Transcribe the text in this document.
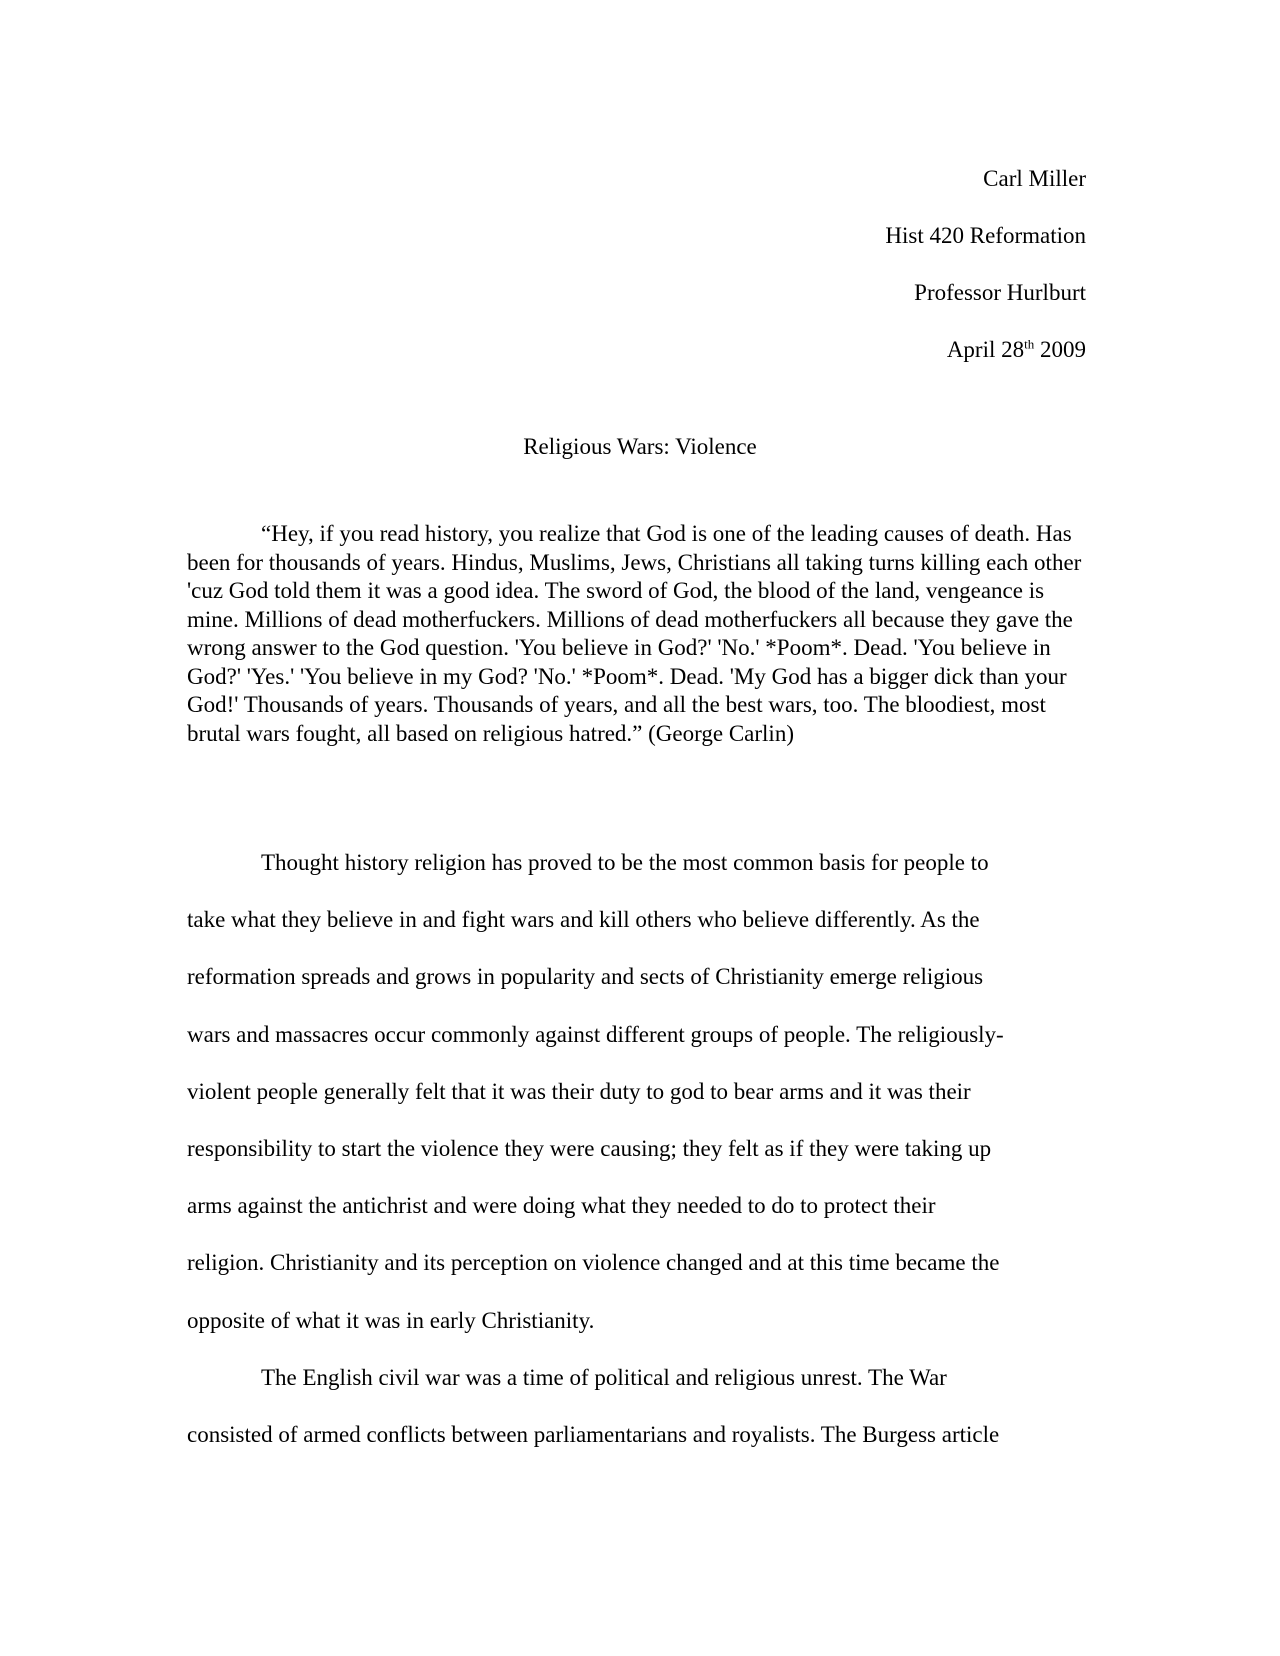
Carl Miller
Hist 420 Reformation
Professor Hurlburt
April 28th 2009
Religious Wars: Violence

“Hey, if you read history, you realize that God is one of the leading causes of death. Has been for thousands of years. Hindus, Muslims, Jews, Christians all taking turns killing each other 'cuz God told them it was a good idea. The sword of God, the blood of the land, vengeance is mine. Millions of dead motherfuckers. Millions of dead motherfuckers all because they gave the wrong answer to the God question. 'You believe in God?' 'No.' *Poom*. Dead. 'You believe in God?' 'Yes.' 'You believe in my God? 'No.' *Poom*. Dead. 'My God has a bigger dick than your God!' Thousands of years. Thousands of years, and all the best wars, too. The bloodiest, most brutal wars fought, all based on religious hatred.” (George Carlin)

Thought history religion has proved to be the most common basis for people to
take what they believe in and fight wars and kill others who believe differently. As the
reformation spreads and grows in popularity and sects of Christianity emerge religious
wars and massacres occur commonly against different groups of people. The religiously-
violent people generally felt that it was their duty to god to bear arms and it was their
responsibility to start the violence they were causing; they felt as if they were taking up
arms against the antichrist and were doing what they needed to do to protect their
religion. Christianity and its perception on violence changed and at this time became the
opposite of what it was in early Christianity.
The English civil war was a time of political and religious unrest. The War
consisted of armed conflicts between parliamentarians and royalists. The Burgess article
